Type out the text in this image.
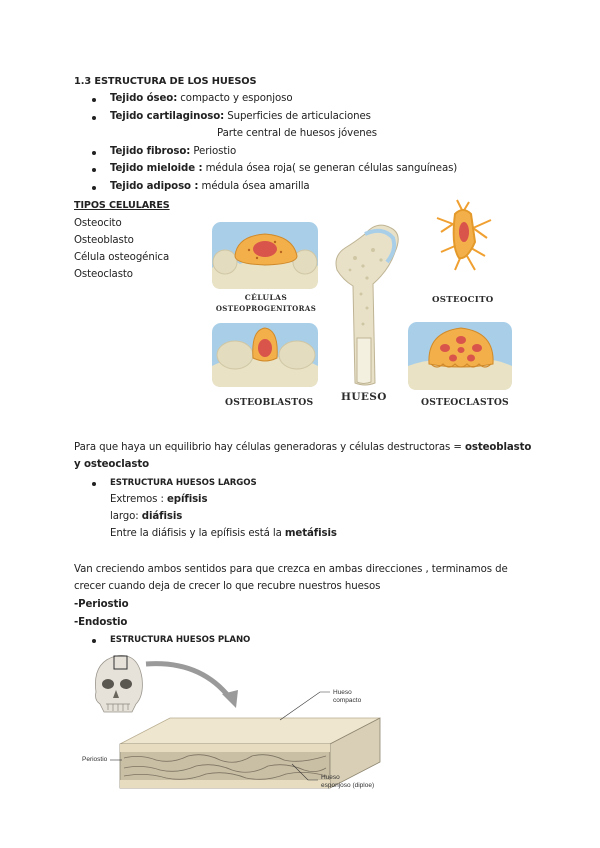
1.3 ESTRUCTURA DE LOS HUESOS
Tejido óseo: compacto y esponjoso
Tejido cartilaginoso: Superficies de articulaciones
Parte central de huesos jóvenes
Tejido fibroso: Periostio
Tejido mieloide : médula ósea roja( se generan células sanguíneas)
Tejido adiposo : médula ósea amarilla
TIPOS CELULARES
Osteocito
Osteoblasto
Célula osteogénica
Osteoclasto
CÉLULAS
OSTEOPROGENITORAS
OSTEOCITO
OSTEOBLASTOS	HUESO	OSTEOCLASTOS
Para que haya un equilibrio hay células generadoras y células destructoras = osteoblasto
y osteoclasto
ESTRUCTURA HUESOS LARGOS
Extremos : epífisis
largo: diáfisis
Entre la diáfisis y la epífisis está la metáfisis
Van creciendo ambos sentidos para que crezca en ambas direcciones , terminamos de
crecer cuando deja de crecer lo que recubre nuestros huesos
-Periostio
-Endostio
ESTRUCTURA HUESOS PLANO
Hueso
compacto
Periostio
Hueso
esponjoso (diploe)
